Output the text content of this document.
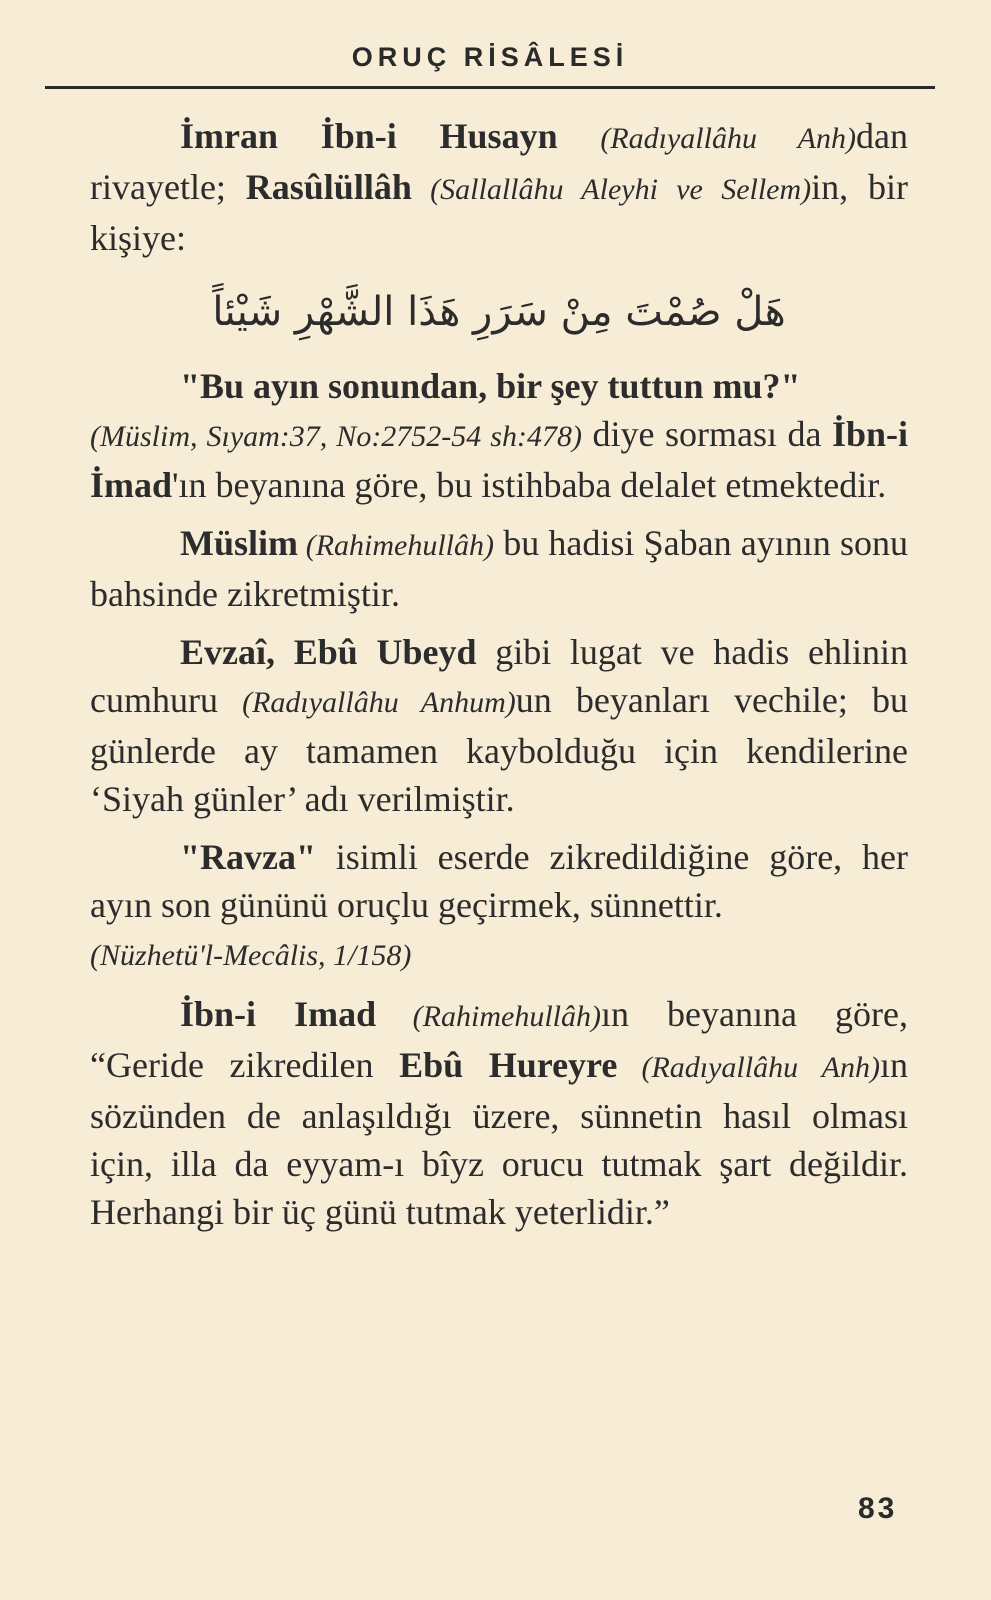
ORUÇ RİSÂLESİ

İmran İbn-i Husayn (Radıyallâhu Anh)dan rivayetle; Rasûlüllâh (Sallallâhu Aleyhi ve Sellem)in, bir kişiye:

هَلْ صُمْتَ مِنْ سَرَرِ هَذَا الشَّهْرِ شَيْئاً

"Bu ayın sonundan, bir şey tuttun mu?"
(Müslim, Sıyam:37, No:2752-54 sh:478) diye sorması da İbn-i İmad'ın beyanına göre, bu istihbaba delalet etmektedir.

Müslim (Rahimehullâh) bu hadisi Şaban ayının sonu bahsinde zikretmiştir.

Evzaî, Ebû Ubeyd gibi lugat ve hadis ehlinin cumhuru (Radıyallâhu Anhum)un beyanları vechile; bu günlerde ay tamamen kaybolduğu için kendilerine ‘Siyah günler’ adı verilmiştir.

"Ravza" isimli eserde zikredildiğine göre, her ayın son gününü oruçlu geçirmek, sünnettir.

(Nüzhetü'l-Mecâlis, 1/158)

İbn-i Imad (Rahimehullâh)ın beyanına göre, “Geride zikredilen Ebû Hureyre (Radıyallâhu Anh)ın sözünden de anlaşıldığı üzere, sünnetin hasıl olması için, illa da eyyam-ı bîyz orucu tutmak şart değildir. Herhangi bir üç günü tutmak yeterlidir.”

83
